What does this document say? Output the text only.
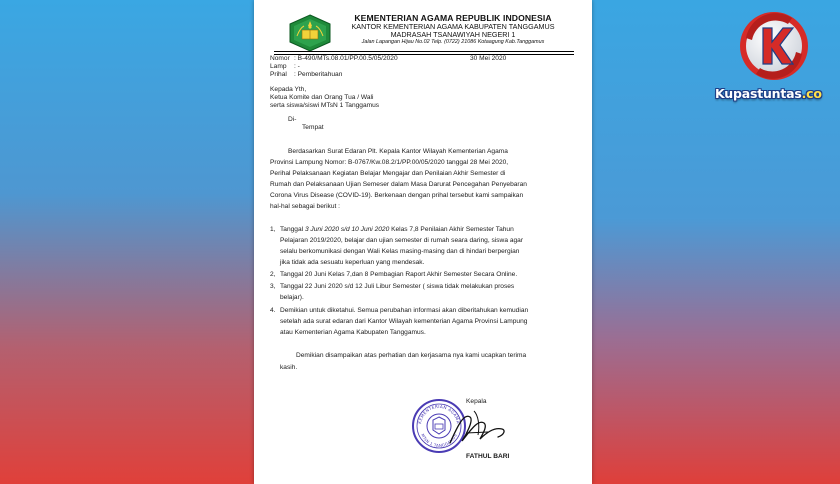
Kupastuntas.co
KEMENTERIAN AGAMA REPUBLIK INDONESIA
KANTOR KEMENTERIAN AGAMA KABUPATEN TANGGAMUS
MADRASAH TSANAWIYAH NEGERI 1
Jalan Lapangan Hijau No.02 Telp. (0722) 21086 Kotaagung Kab.Tanggamus
Nomor : B-490/MTs.08.01/PP.00.5/05/2020	30 Mei 2020
Lamp : -
Prihal : Pemberitahuan
Kepada Yth,
Ketua Komite dan Orang Tua / Wali
serta siswa/siswi MTsN 1 Tanggamus
Di-
Tempat
Berdasarkan Surat Edaran Plt. Kepala Kantor Wilayah Kementerian Agama
Provinsi Lampung Nomor: B-0767/Kw.08.2/1/PP.00/05/2020 tanggal 28 Mei 2020,
Perihal Pelaksanaan Kegiatan Belajar Mengajar dan Penilaian Akhir Semester di
Rumah dan Pelaksanaan Ujian Semeser dalam Masa Darurat Pencegahan Penyebaran
Corona Virus Disease (COVID-19). Berkenaan dengan prihal tersebut kami sampaikan
hal-hal sebagai berikut :
1, Tanggal 3 Juni 2020 s/d 10 Juni 2020 Kelas 7,8 Penilaian Akhir Semester Tahun
Pelajaran 2019/2020, belajar dan ujian semester di rumah seara daring, siswa agar
selalu berkomunikasi dengan Wali Kelas masing-masing dan di hindari berpergian
jika tidak ada sesuatu keperluan yang mendesak.
2, Tanggal 20 Juni Kelas 7,dan 8 Pembagian Raport Akhir Semester Secara Online.
3, Tanggal 22 Juni 2020 s/d 12 Juli Libur Semester ( siswa tidak melakukan proses
belajar).
4. Demikian untuk diketahui. Semua perubahan informasi akan diberitahukan kemudian
setelah ada surat edaran dari Kantor Wilayah kementerian Agama Provinsi Lampung
atau Kementerian Agama Kabupaten Tanggamus.
Demikian disampaikan atas perhatian dan kerjasama nya kami ucapkan terima
kasih.
Kepala
KEMENTERIAN AGAMA
MTsN 1 TANGGAMUS
FATHUL BARI
